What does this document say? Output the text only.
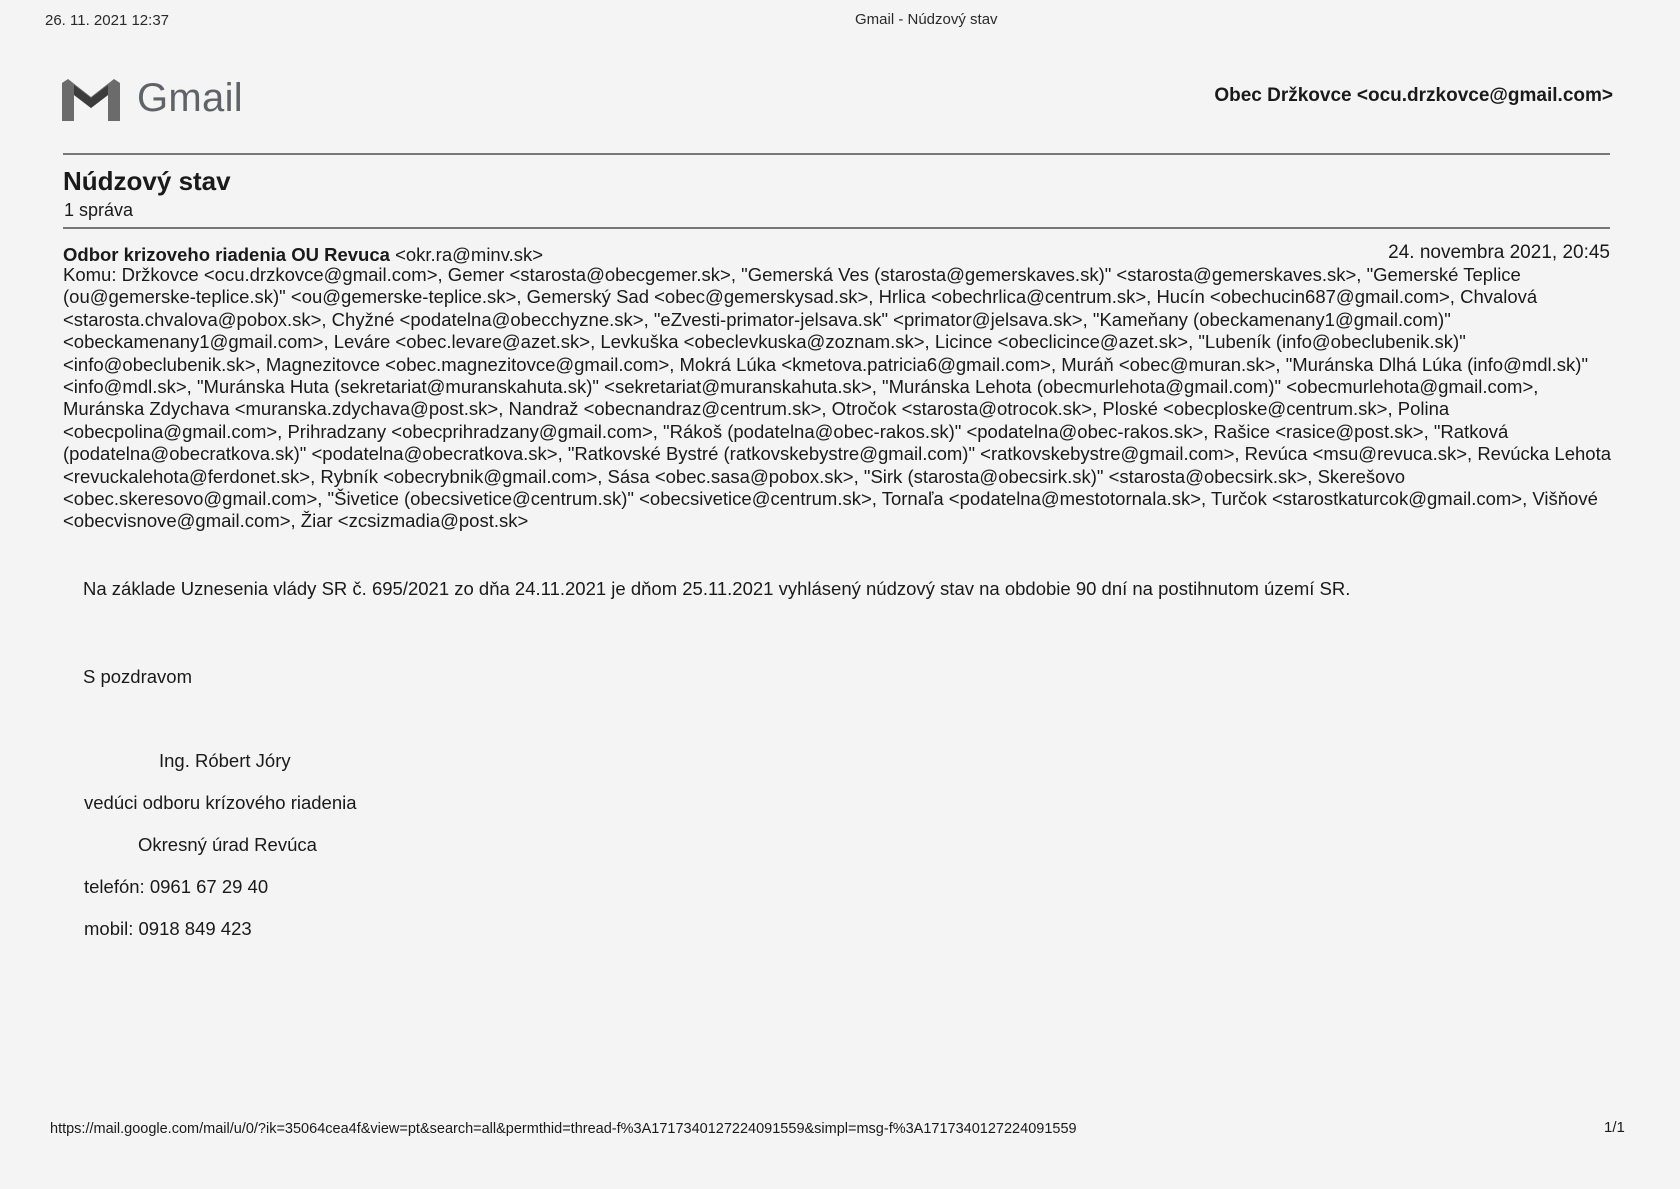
26. 11. 2021 12:37	Gmail - Núdzový stav
Gmail	Obec Držkovce <ocu.drzkovce@gmail.com>
Núdzový stav
1 správa
Odbor krizoveho riadenia OU Revuca <okr.ra@minv.sk>	24. novembra 2021, 20:45
Komu: Držkovce <ocu.drzkovce@gmail.com>, Gemer <starosta@obecgemer.sk>, "Gemerská Ves (starosta@gemerskaves.sk)" <starosta@gemerskaves.sk>, "Gemerské Teplice (ou@gemerske-teplice.sk)" <ou@gemerske-teplice.sk>, Gemerský Sad <obec@gemerskysad.sk>, Hrlica <obechrlica@centrum.sk>, Hucín <obechucin687@gmail.com>, Chvalová <starosta.chvalova@pobox.sk>, Chyžné <podatelna@obecchyzne.sk>, "eZvesti-primator-jelsava.sk" <primator@jelsava.sk>, "Kameňany (obeckamenany1@gmail.com)" <obeckamenany1@gmail.com>, Leváre <obec.levare@azet.sk>, Levkuška <obeclevkuska@zoznam.sk>, Licince <obeclicince@azet.sk>, "Lubeník (info@obeclubenik.sk)" <info@obeclubenik.sk>, Magnezitovce <obec.magnezitovce@gmail.com>, Mokrá Lúka <kmetova.patricia6@gmail.com>, Muráň <obec@muran.sk>, "Muránska Dlhá Lúka (info@mdl.sk)" <info@mdl.sk>, "Muránska Huta (sekretariat@muranskahuta.sk)" <sekretariat@muranskahuta.sk>, "Muránska Lehota (obecmurlehota@gmail.com)" <obecmurlehota@gmail.com>, Muránska Zdychava <muranska.zdychava@post.sk>, Nandraž <obecnandraz@centrum.sk>, Otročok <starosta@otrocok.sk>, Ploské <obecploske@centrum.sk>, Polina <obecpolina@gmail.com>, Prihradzany <obecprihradzany@gmail.com>, "Rákoš (podatelna@obec-rakos.sk)" <podatelna@obec-rakos.sk>, Rašice <rasice@post.sk>, "Ratková (podatelna@obecratkova.sk)" <podatelna@obecratkova.sk>, "Ratkovské Bystré (ratkovskebystre@gmail.com)" <ratkovskebystre@gmail.com>, Revúca <msu@revuca.sk>, Revúcka Lehota <revuckalehota@ferdonet.sk>, Rybník <obecrybnik@gmail.com>, Sása <obec.sasa@pobox.sk>, "Sirk (starosta@obecsirk.sk)" <starosta@obecsirk.sk>, Skerešovo <obec.skeresovo@gmail.com>, "Šivetice (obecsivetice@centrum.sk)" <obecsivetice@centrum.sk>, Tornaľa <podatelna@mestotornala.sk>, Turčok <starostkaturcok@gmail.com>, Višňové <obecvisnove@gmail.com>, Žiar <zcsizmadia@post.sk>
Na základe Uznesenia vlády SR č. 695/2021 zo dňa 24.11.2021 je dňom 25.11.2021 vyhlásený núdzový stav na obdobie 90 dní na postihnutom území SR.
S pozdravom
Ing. Róbert Jóry
vedúci odboru krízového riadenia
Okresný úrad Revúca
telefón: 0961 67 29 40
mobil: 0918 849 423
https://mail.google.com/mail/u/0/?ik=35064cea4f&view=pt&search=all&permthid=thread-f%3A1717340127224091559&simpl=msg-f%3A1717340127224091559	1/1
